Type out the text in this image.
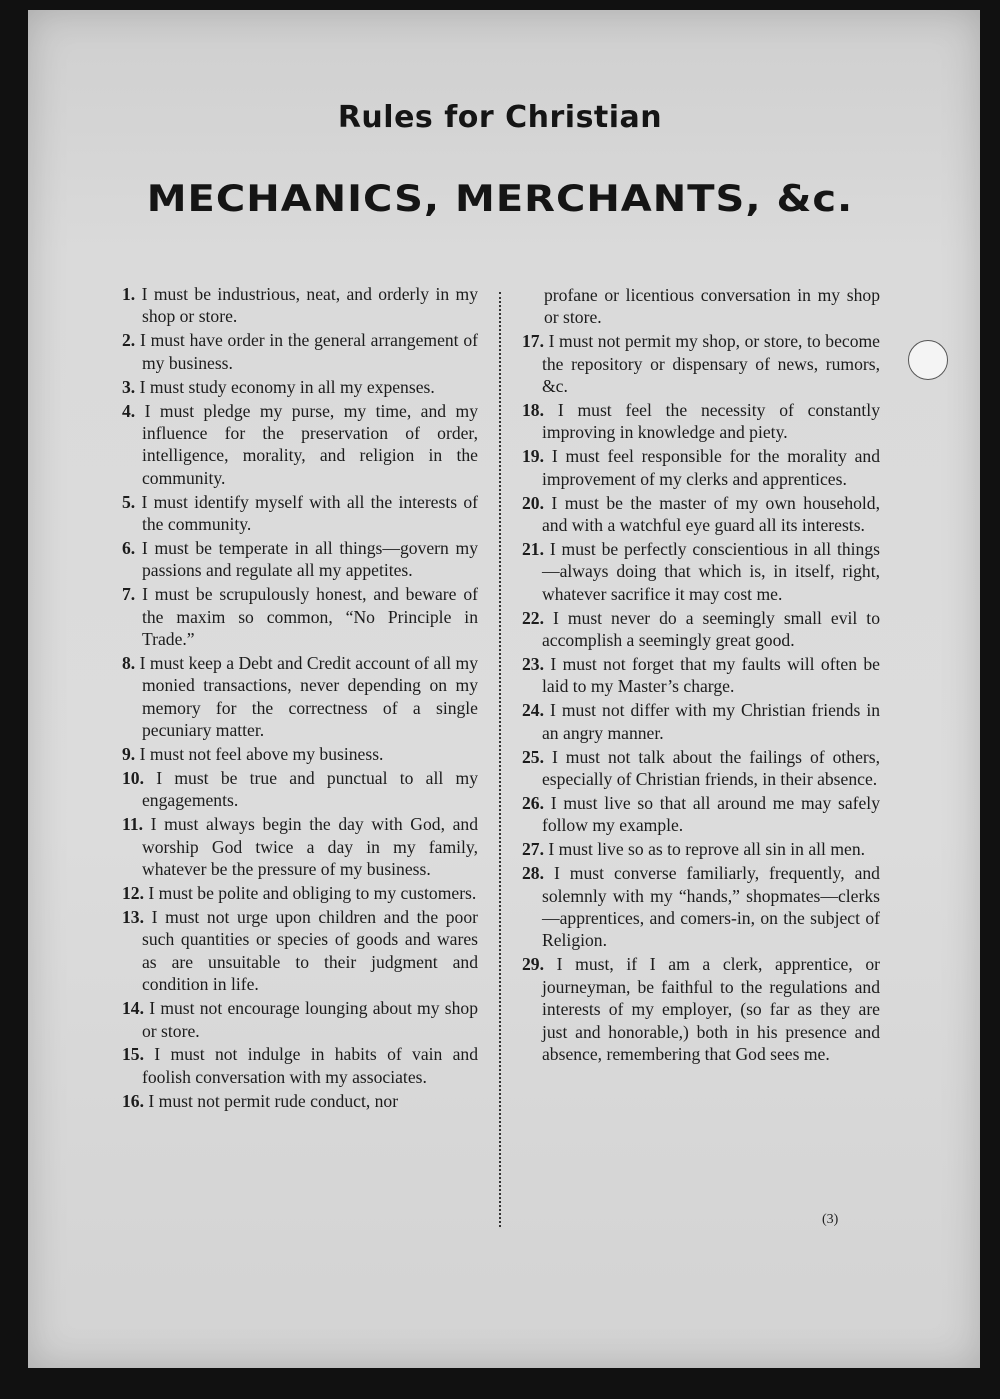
Rules for Christian
MECHANICS, MERCHANTS, &c.
1. I must be industrious, neat, and orderly in my shop or store.
2. I must have order in the general arrangement of my business.
3. I must study economy in all my expenses.
4. I must pledge my purse, my time, and my influence for the preservation of order, intelligence, morality, and religion in the community.
5. I must identify myself with all the interests of the community.
6. I must be temperate in all things—govern my passions and regulate all my appetites.
7. I must be scrupulously honest, and beware of the maxim so common, “No Principle in Trade.”
8. I must keep a Debt and Credit account of all my monied transactions, never depending on my memory for the correctness of a single pecuniary matter.
9. I must not feel above my business.
10. I must be true and punctual to all my engagements.
11. I must always begin the day with God, and worship God twice a day in my family, whatever be the pressure of my business.
12. I must be polite and obliging to my customers.
13. I must not urge upon children and the poor such quantities or species of goods and wares as are unsuitable to their judgment and condition in life.
14. I must not encourage lounging about my shop or store.
15. I must not indulge in habits of vain and foolish conversation with my associates.
16. I must not permit rude conduct, nor
profane or licentious conversation in my shop or store.
17. I must not permit my shop, or store, to become the repository or dispensary of news, rumors, &c.
18. I must feel the necessity of constantly improving in knowledge and piety.
19. I must feel responsible for the morality and improvement of my clerks and apprentices.
20. I must be the master of my own household, and with a watchful eye guard all its interests.
21. I must be perfectly conscientious in all things—always doing that which is, in itself, right, whatever sacrifice it may cost me.
22. I must never do a seemingly small evil to accomplish a seemingly great good.
23. I must not forget that my faults will often be laid to my Master’s charge.
24. I must not differ with my Christian friends in an angry manner.
25. I must not talk about the failings of others, especially of Christian friends, in their absence.
26. I must live so that all around me may safely follow my example.
27. I must live so as to reprove all sin in all men.
28. I must converse familiarly, frequently, and solemnly with my “hands,” shopmates—clerks—apprentices, and comers-in, on the subject of Religion.
29. I must, if I am a clerk, apprentice, or journeyman, be faithful to the regulations and interests of my employer, (so far as they are just and honorable,) both in his presence and absence, remembering that God sees me.
(3)
